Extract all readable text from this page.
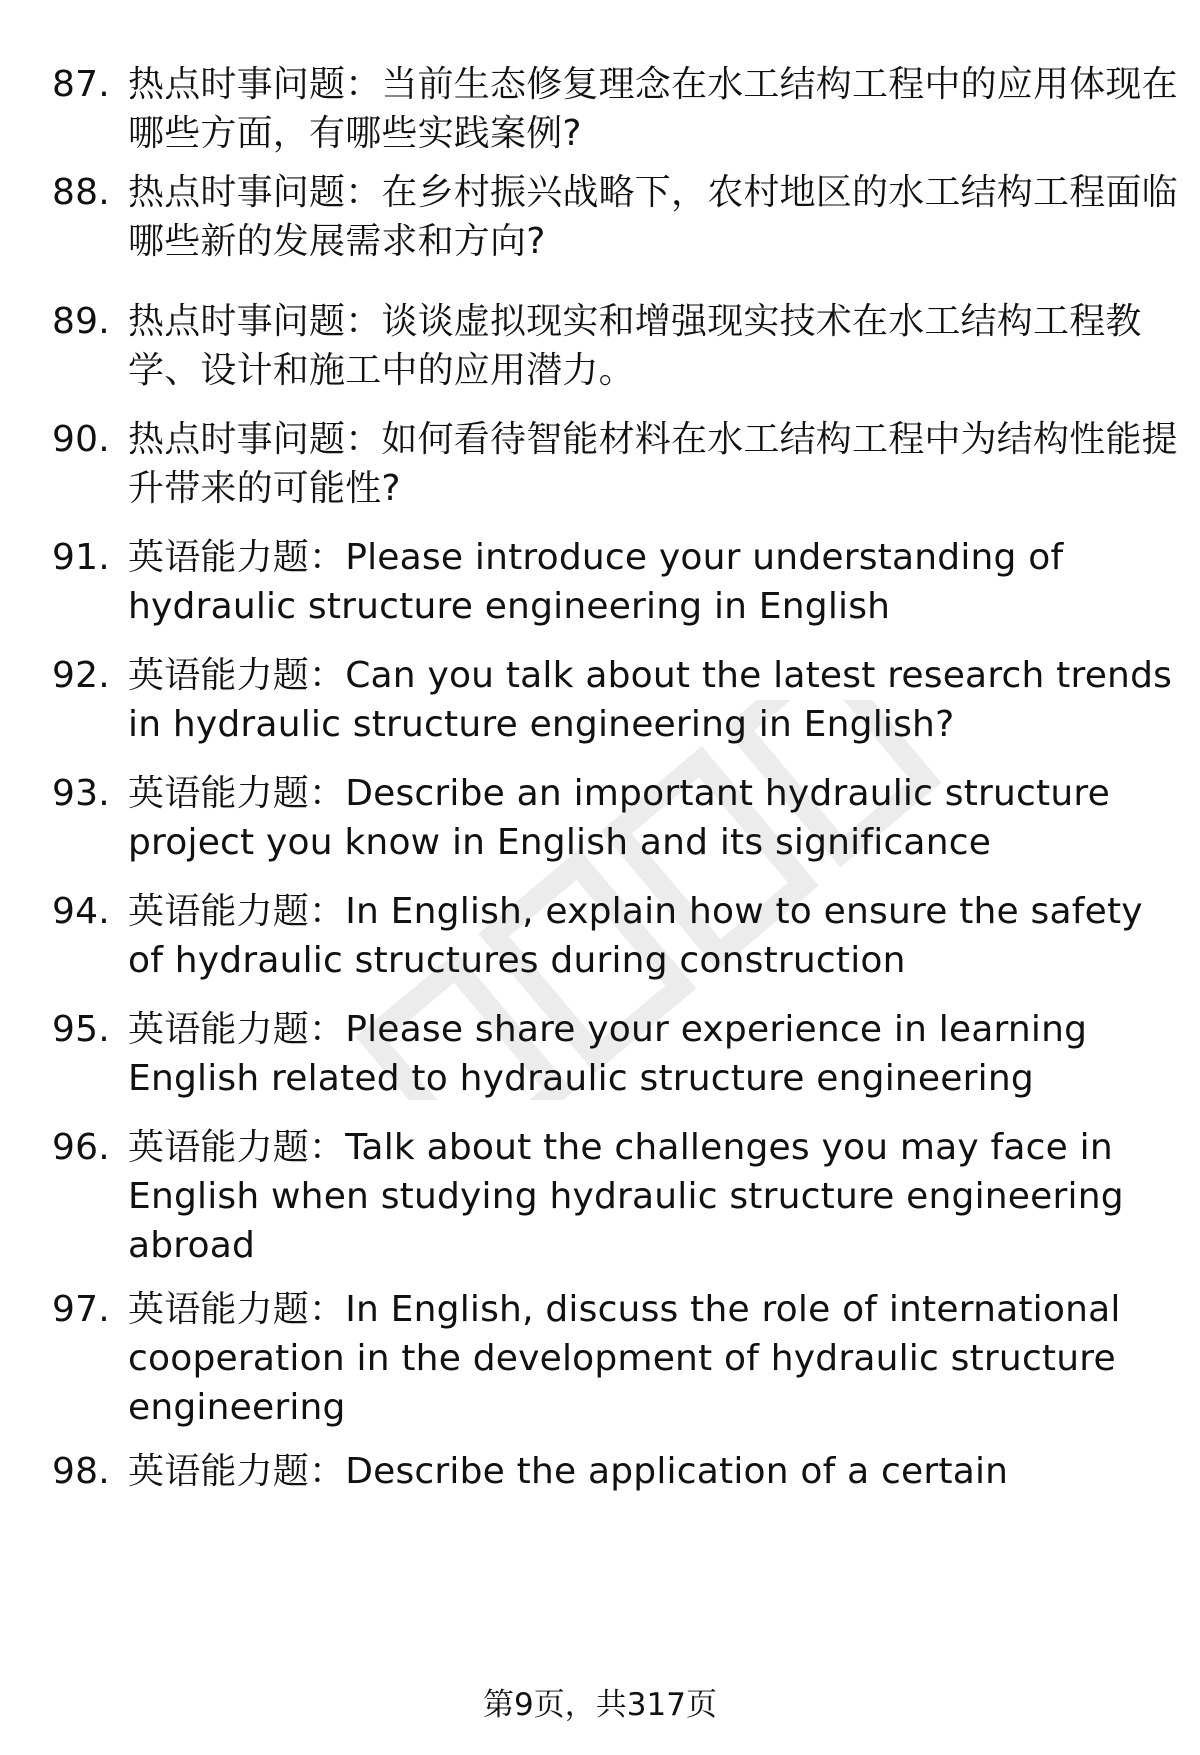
87. 热点时事问题：当前生态修复理念在水工结构工程中的应用体现在哪些方面，有哪些实践案例?
88. 热点时事问题：在乡村振兴战略下，农村地区的水工结构工程面临哪些新的发展需求和方向?
89. 热点时事问题：谈谈虚拟现实和增强现实技术在水工结构工程教学、设计和施工中的应用潜力。
90. 热点时事问题：如何看待智能材料在水工结构工程中为结构性能提升带来的可能性?
91. 英语能力题：Please introduce your understanding of hydraulic structure engineering in English
92. 英语能力题：Can you talk about the latest research trends in hydraulic structure engineering in English?
93. 英语能力题：Describe an important hydraulic structure project you know in English and its significance
94. 英语能力题：In English, explain how to ensure the safety of hydraulic structures during construction
95. 英语能力题：Please share your experience in learning English related to hydraulic structure engineering
96. 英语能力题：Talk about the challenges you may face in English when studying hydraulic structure engineering abroad
97. 英语能力题：In English, discuss the role of international cooperation in the development of hydraulic structure engineering
98. 英语能力题：Describe the application of a certain
第9页，共317页
